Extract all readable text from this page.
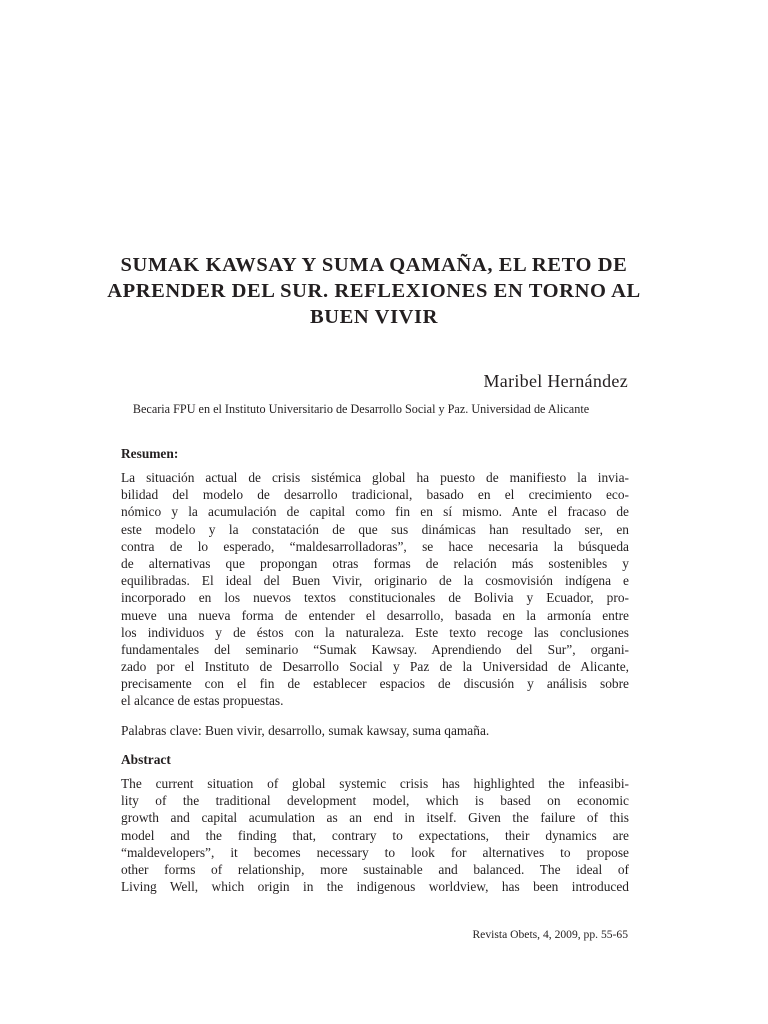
SUMAK KAWSAY Y SUMA QAMAÑA, EL RETO DE
APRENDER DEL SUR. REFLEXIONES EN TORNO AL
BUEN VIVIR

Maribel Hernández

Becaria FPU en el Instituto Universitario de Desarrollo Social y Paz. Universidad de Alicante

Resumen:
La situación actual de crisis sistémica global ha puesto de manifiesto la invia-
bilidad del modelo de desarrollo tradicional, basado en el crecimiento eco-
nómico y la acumulación de capital como fin en sí mismo. Ante el fracaso de
este modelo y la constatación de que sus dinámicas han resultado ser, en
contra de lo esperado, “maldesarrolladoras”, se hace necesaria la búsqueda
de alternativas que propongan otras formas de relación más sostenibles y
equilibradas. El ideal del Buen Vivir, originario de la cosmovisión indígena e
incorporado en los nuevos textos constitucionales de Bolivia y Ecuador, pro-
mueve una nueva forma de entender el desarrollo, basada en la armonía entre
los individuos y de éstos con la naturaleza. Este texto recoge las conclusiones
fundamentales del seminario “Sumak Kawsay. Aprendiendo del Sur”, organi-
zado por el Instituto de Desarrollo Social y Paz de la Universidad de Alicante,
precisamente con el fin de establecer espacios de discusión y análisis sobre
el alcance de estas propuestas.

Palabras clave: Buen vivir, desarrollo, sumak kawsay, suma qamaña.

Abstract
The current situation of global systemic crisis has highlighted the infeasibi-
lity of the traditional development model, which is based on economic
growth and capital acumulation as an end in itself. Given the failure of this
model and the finding that, contrary to expectations, their dynamics are
“maldevelopers”, it becomes necessary to look for alternatives to propose
other forms of relationship, more sustainable and balanced. The ideal of
Living Well, which origin in the indigenous worldview, has been introduced

Revista Obets, 4, 2009, pp. 55-65
